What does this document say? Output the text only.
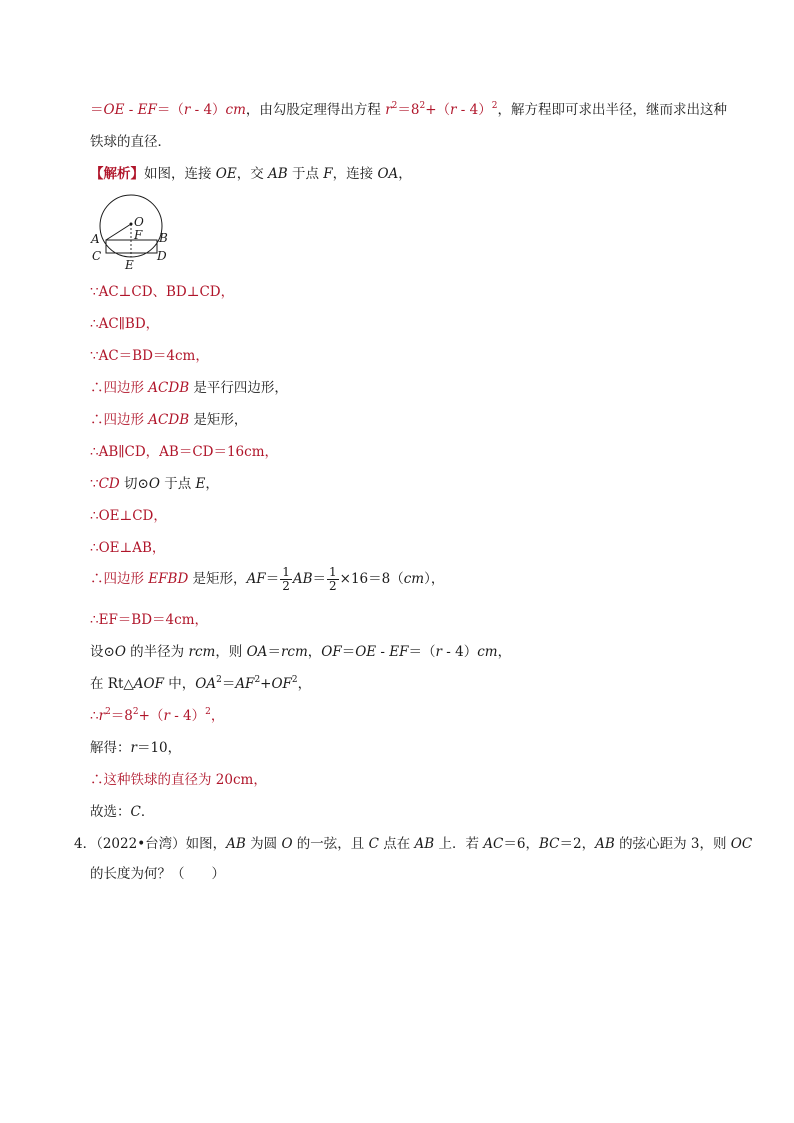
＝OE - EF＝（r - 4）cm，由勾股定理得出方程 $r^2=8^2+(r - 4)^2$，解方程即可求出半径，继而求出这种
铁球的直径．
【解析】如图，连接 OE，交 AB 于点 F，连接 OA，
O
F
A	B
C	D
E
∵AC⊥CD、BD⊥CD，
∴AC∥BD，
∵AC＝BD＝4cm，
∴四边形 ACDB 是平行四边形，
∴四边形 ACDB 是矩形，
∴AB∥CD，AB＝CD＝16cm，
∵CD 切⊙O 于点 E，
∴OE⊥CD，
∴OE⊥AB，
∴四边形 EFBD 是矩形，$AF= \frac{1}{2} AB= \frac{1}{2} \times 16=8(cm)$，
∴EF＝BD＝4cm，
设⊙O 的半径为 rcm，则 OA＝rcm，OF＝OE - EF＝（r - 4）cm，
在 Rt△AOF 中，$OA^2=AF^2+OF^2$，
$\therefore r^2=8^2+(r - 4)^2$，
解得：r＝10，
∴这种铁球的直径为 20cm，
故选：C．
4．（2022•台湾）如图，AB 为圆 O 的一弦，且 C 点在 AB 上．若 AC＝6，BC＝2，AB 的弦心距为 3，则 OC
的长度为何？（　　）
